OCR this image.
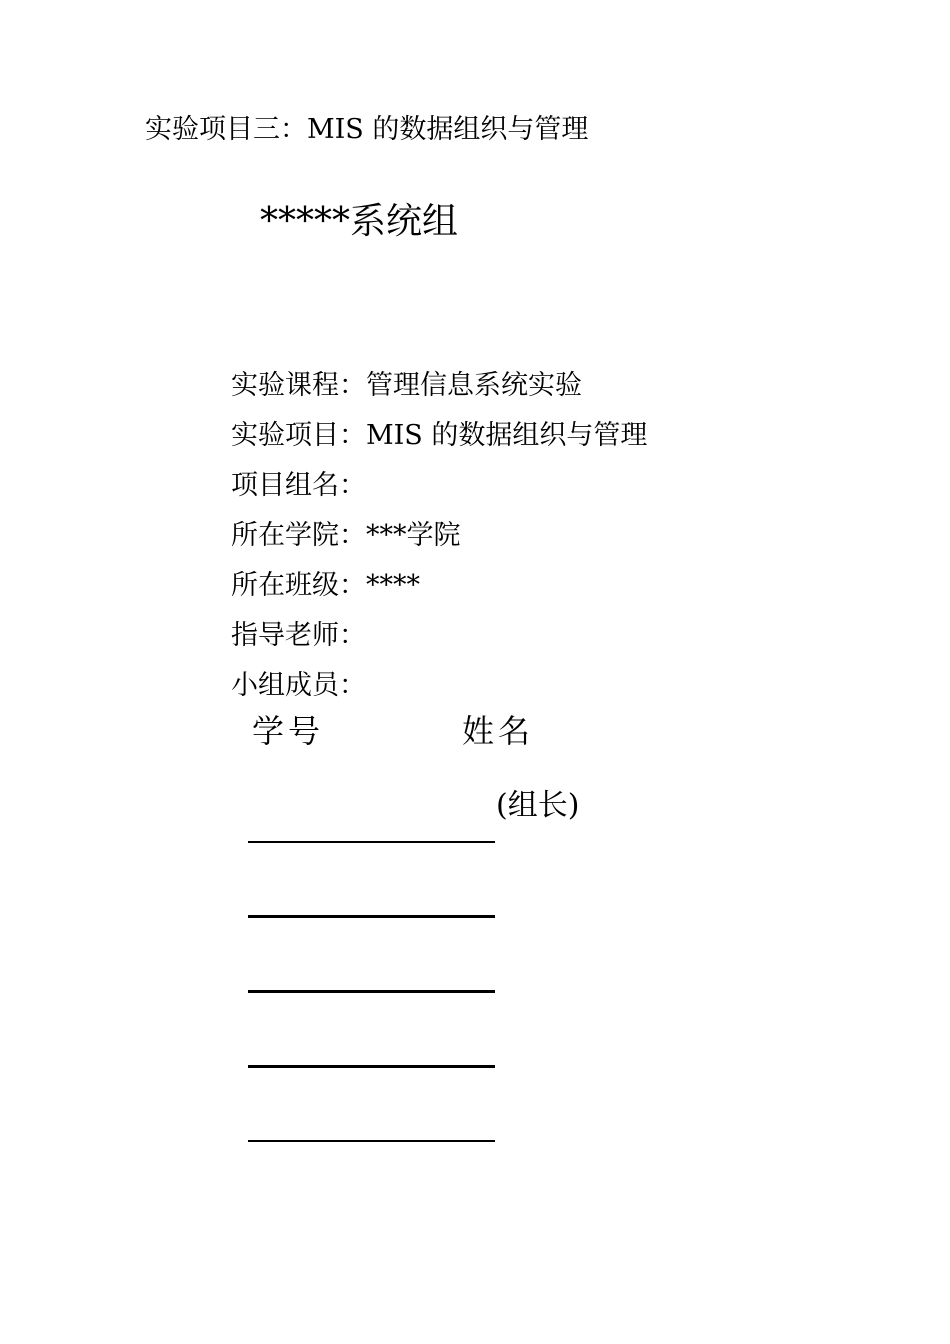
实验项目三：MIS 的数据组织与管理
*****系统组
实验课程：管理信息系统实验
实验项目：MIS 的数据组织与管理
项目组名：
所在学院：***学院
所在班级：****
指导老师：
小组成员：
学号	姓名
(组长)
